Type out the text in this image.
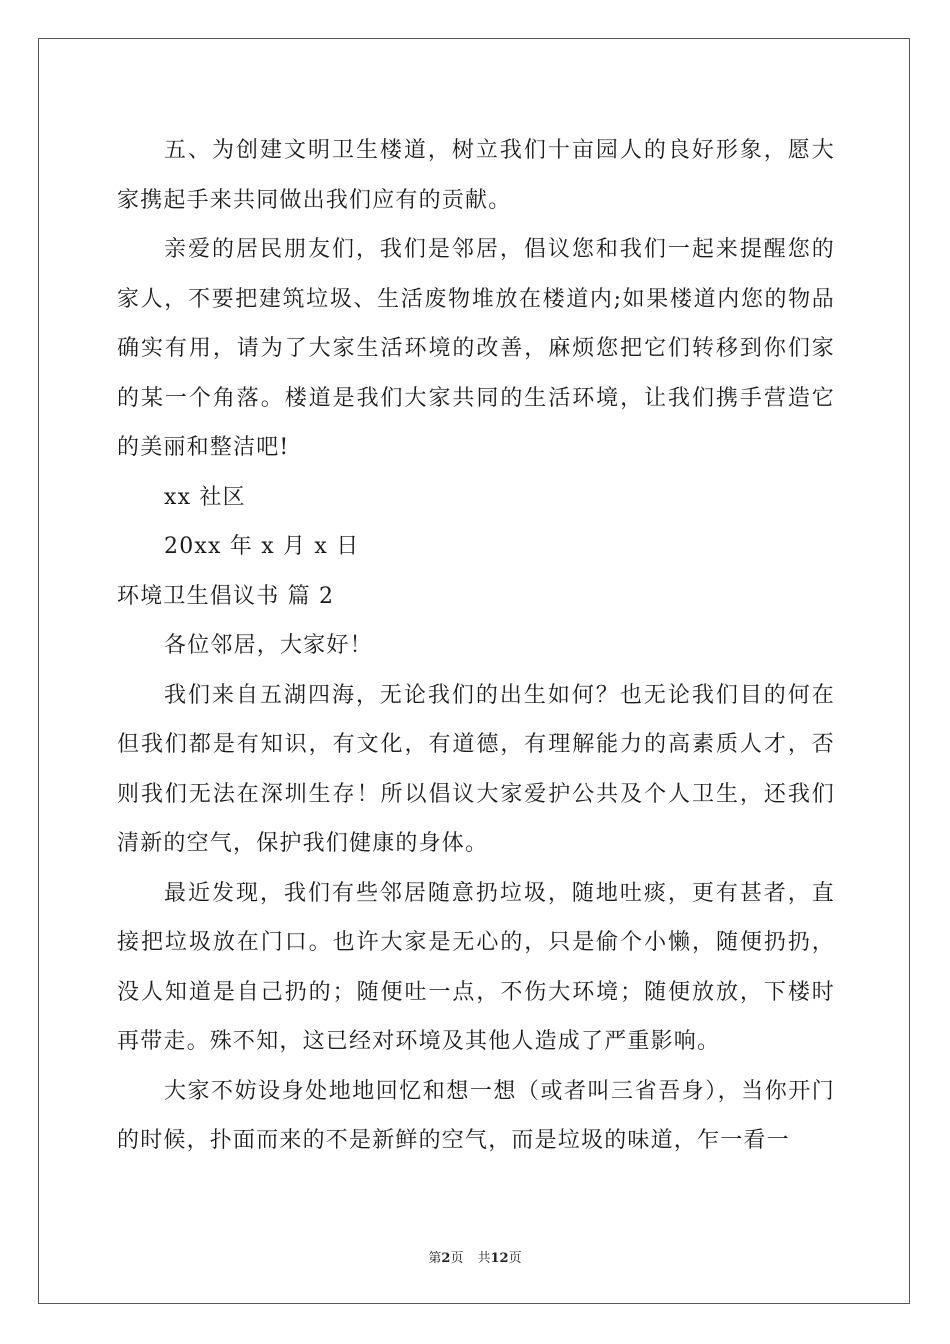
五、为创建文明卫生楼道，树立我们十亩园人的良好形象，愿大家携起手来共同做出我们应有的贡献。

亲爱的居民朋友们，我们是邻居，倡议您和我们一起来提醒您的家人，不要把建筑垃圾、生活废物堆放在楼道内;如果楼道内您的物品确实有用，请为了大家生活环境的改善，麻烦您把它们转移到你们家的某一个角落。楼道是我们大家共同的生活环境，让我们携手营造它的美丽和整洁吧!

xx 社区

20xx 年 x 月 x 日

环境卫生倡议书 篇 2

各位邻居，大家好！

我们来自五湖四海，无论我们的出生如何？也无论我们目的何在但我们都是有知识，有文化，有道德，有理解能力的高素质人才，否则我们无法在深圳生存！所以倡议大家爱护公共及个人卫生，还我们清新的空气，保护我们健康的身体。

最近发现，我们有些邻居随意扔垃圾，随地吐痰，更有甚者，直接把垃圾放在门口。也许大家是无心的，只是偷个小懒，随便扔扔，没人知道是自己扔的；随便吐一点，不伤大环境；随便放放，下楼时再带走。殊不知，这已经对环境及其他人造成了严重影响。

大家不妨设身处地地回忆和想一想（或者叫三省吾身），当你开门的时候，扑面而来的不是新鲜的空气，而是垃圾的味道，乍一看一

第2页 共12页
